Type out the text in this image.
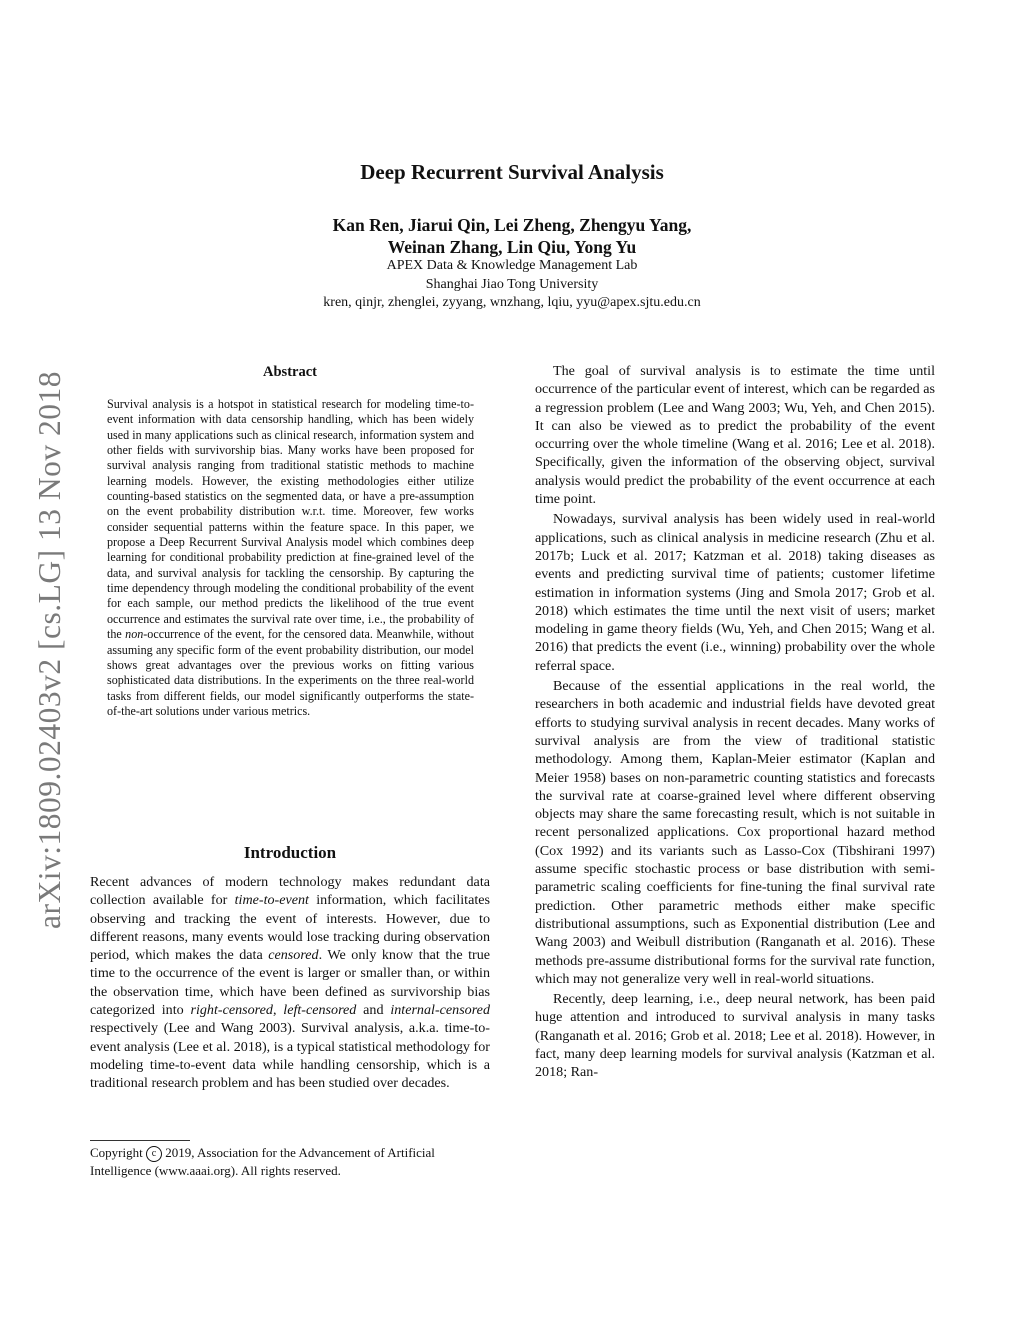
arXiv:1809.02403v2 [cs.LG] 13 Nov 2018
Deep Recurrent Survival Analysis
Kan Ren, Jiarui Qin, Lei Zheng, Zhengyu Yang,
Weinan Zhang, Lin Qiu, Yong Yu
APEX Data & Knowledge Management Lab
Shanghai Jiao Tong University
kren, qinjr, zhenglei, zyyang, wnzhang, lqiu, yyu@apex.sjtu.edu.cn
Abstract
Survival analysis is a hotspot in statistical research for modeling time-to-event information with data censorship handling, which has been widely used in many applications such as clinical research, information system and other fields with survivorship bias. Many works have been proposed for survival analysis ranging from traditional statistic methods to machine learning models. However, the existing methodologies either utilize counting-based statistics on the segmented data, or have a pre-assumption on the event probability distribution w.r.t. time. Moreover, few works consider sequential patterns within the feature space. In this paper, we propose a Deep Recurrent Survival Analysis model which combines deep learning for conditional probability prediction at fine-grained level of the data, and survival analysis for tackling the censorship. By capturing the time dependency through modeling the conditional probability of the event for each sample, our method predicts the likelihood of the true event occurrence and estimates the survival rate over time, i.e., the probability of the non-occurrence of the event, for the censored data. Meanwhile, without assuming any specific form of the event probability distribution, our model shows great advantages over the previous works on fitting various sophisticated data distributions. In the experiments on the three real-world tasks from different fields, our model significantly outperforms the state-of-the-art solutions under various metrics.
Introduction
Recent advances of modern technology makes redundant data collection available for time-to-event information, which facilitates observing and tracking the event of interests. However, due to different reasons, many events would lose tracking during observation period, which makes the data censored. We only know that the true time to the occurrence of the event is larger or smaller than, or within the observation time, which have been defined as survivorship bias categorized into right-censored, left-censored and internal-censored respectively (Lee and Wang 2003). Survival analysis, a.k.a. time-to-event analysis (Lee et al. 2018), is a typical statistical methodology for modeling time-to-event data while handling censorship, which is a traditional research problem and has been studied over decades.
Copyright c 2019, Association for the Advancement of Artificial Intelligence (www.aaai.org). All rights reserved.

The goal of survival analysis is to estimate the time until occurrence of the particular event of interest, which can be regarded as a regression problem (Lee and Wang 2003; Wu, Yeh, and Chen 2015). It can also be viewed as to predict the probability of the event occurring over the whole timeline (Wang et al. 2016; Lee et al. 2018). Specifically, given the information of the observing object, survival analysis would predict the probability of the event occurrence at each time point.

Nowadays, survival analysis has been widely used in real-world applications, such as clinical analysis in medicine research (Zhu et al. 2017b; Luck et al. 2017; Katzman et al. 2018) taking diseases as events and predicting survival time of patients; customer lifetime estimation in information systems (Jing and Smola 2017; Grob et al. 2018) which estimates the time until the next visit of users; market modeling in game theory fields (Wu, Yeh, and Chen 2015; Wang et al. 2016) that predicts the event (i.e., winning) probability over the whole referral space.

Because of the essential applications in the real world, the researchers in both academic and industrial fields have devoted great efforts to studying survival analysis in recent decades. Many works of survival analysis are from the view of traditional statistic methodology. Among them, Kaplan-Meier estimator (Kaplan and Meier 1958) bases on non-parametric counting statistics and forecasts the survival rate at coarse-grained level where different observing objects may share the same forecasting result, which is not suitable in recent personalized applications. Cox proportional hazard method (Cox 1992) and its variants such as Lasso-Cox (Tibshirani 1997) assume specific stochastic process or base distribution with semi-parametric scaling coefficients for fine-tuning the final survival rate prediction. Other parametric methods either make specific distributional assumptions, such as Exponential distribution (Lee and Wang 2003) and Weibull distribution (Ranganath et al. 2016). These methods pre-assume distributional forms for the survival rate function, which may not generalize very well in real-world situations.

Recently, deep learning, i.e., deep neural network, has been paid huge attention and introduced to survival analysis in many tasks (Ranganath et al. 2016; Grob et al. 2018; Lee et al. 2018). However, in fact, many deep learning models for survival analysis (Katzman et al. 2018; Ran-
